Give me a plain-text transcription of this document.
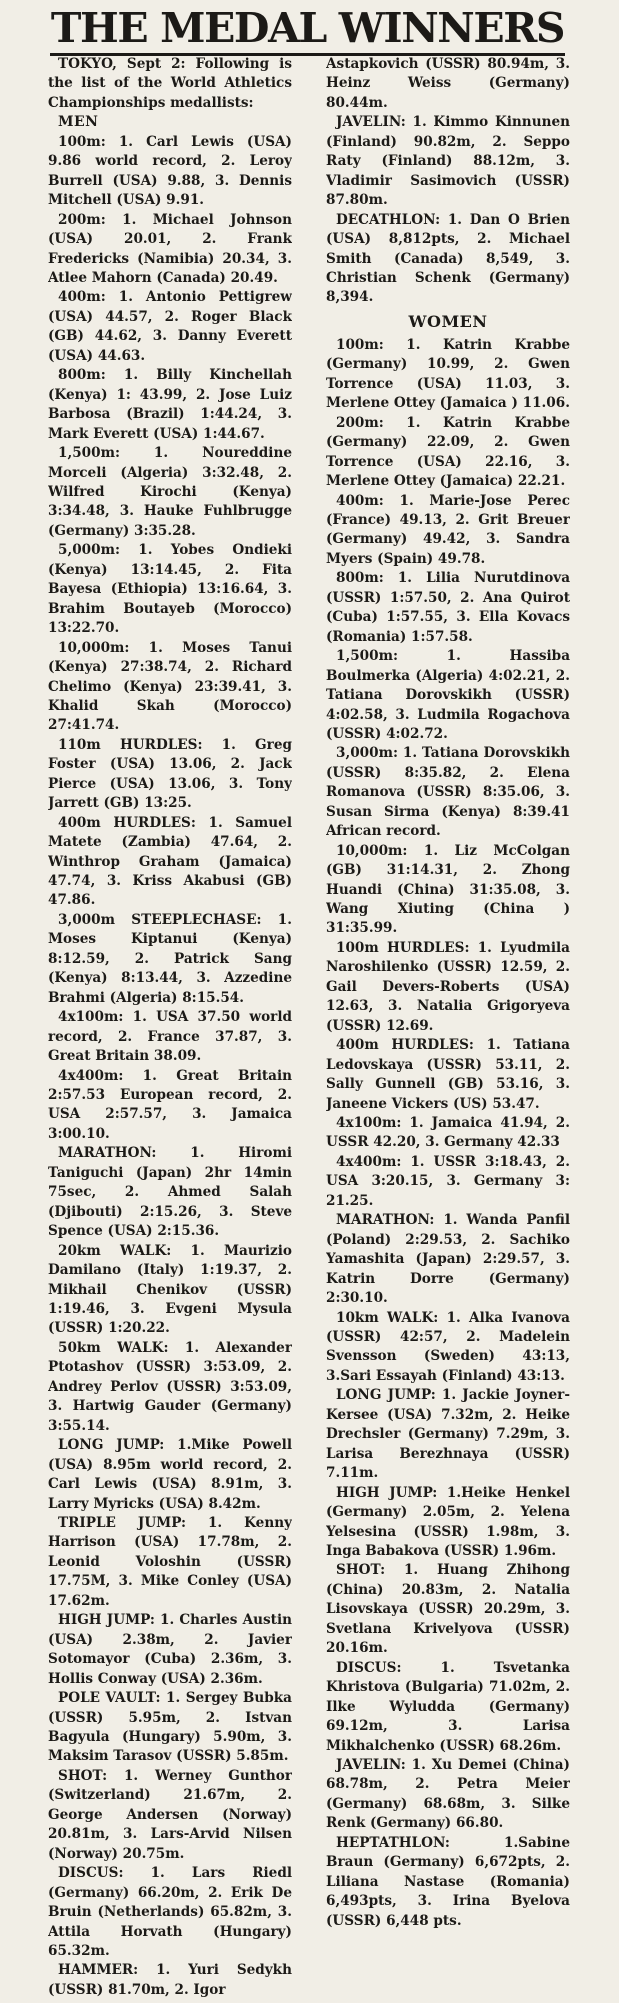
THE MEDAL WINNERS

TOKYO, Sept 2: Following is the list of the World Athletics Championships medallists:

MEN

100m: 1. Carl Lewis (USA) 9.86 world record, 2. Leroy Burrell (USA) 9.88, 3. Dennis Mitchell (USA) 9.91.

200m: 1. Michael Johnson (USA) 20.01, 2. Frank Fredericks (Namibia) 20.34, 3. Atlee Mahorn (Canada) 20.49.

400m: 1. Antonio Pettigrew (USA) 44.57, 2. Roger Black (GB) 44.62, 3. Danny Everett (USA) 44.63.

800m: 1. Billy Kinchellah (Kenya) 1: 43.99, 2. Jose Luiz Barbosa (Brazil) 1:44.24, 3. Mark Everett (USA) 1:44.67.

1,500m: 1. Noureddine Morceli (Algeria) 3:32.48, 2. Wilfred Kirochi (Kenya) 3:34.48, 3. Hauke Fuhlbrugge (Germany) 3:35.28.

5,000m: 1. Yobes Ondieki (Kenya) 13:14.45, 2. Fita Bayesa (Ethiopia) 13:16.64, 3. Brahim Boutayeb (Morocco) 13:22.70.

10,000m: 1. Moses Tanui (Kenya) 27:38.74, 2. Richard Chelimo (Kenya) 23:39.41, 3. Khalid Skah (Morocco) 27:41.74.

110m HURDLES: 1. Greg Foster (USA) 13.06, 2. Jack Pierce (USA) 13.06, 3. Tony Jarrett (GB) 13:25.

400m HURDLES: 1. Samuel Matete (Zambia) 47.64, 2. Winthrop Graham (Jamaica) 47.74, 3. Kriss Akabusi (GB) 47.86.

3,000m STEEPLECHASE: 1. Moses Kiptanui (Kenya) 8:12.59, 2. Patrick Sang (Kenya) 8:13.44, 3. Azzedine Brahmi (Algeria) 8:15.54.

4x100m: 1. USA 37.50 world record, 2. France 37.87, 3. Great Britain 38.09.

4x400m: 1. Great Britain 2:57.53 European record, 2. USA 2:57.57, 3. Jamaica 3:00.10.

MARATHON: 1. Hiromi Taniguchi (Japan) 2hr 14min 75sec, 2. Ahmed Salah (Djibouti) 2:15.26, 3. Steve Spence (USA) 2:15.36.

20km WALK: 1. Maurizio Damilano (Italy) 1:19.37, 2. Mikhail Chenikov (USSR) 1:19.46, 3. Evgeni Mysula (USSR) 1:20.22.

50km WALK: 1. Alexander Ptotashov (USSR) 3:53.09, 2. Andrey Perlov (USSR) 3:53.09, 3. Hartwig Gauder (Germany) 3:55.14.

LONG JUMP: 1.Mike Powell (USA) 8.95m world record, 2. Carl Lewis (USA) 8.91m, 3. Larry Myricks (USA) 8.42m.

TRIPLE JUMP: 1. Kenny Harrison (USA) 17.78m, 2. Leonid Voloshin (USSR) 17.75M, 3. Mike Conley (USA) 17.62m.

HIGH JUMP: 1. Charles Austin (USA) 2.38m, 2. Javier Sotomayor (Cuba) 2.36m, 3. Hollis Conway (USA) 2.36m.

POLE VAULT: 1. Sergey Bubka (USSR) 5.95m, 2. Istvan Bagyula (Hungary) 5.90m, 3. Maksim Tarasov (USSR) 5.85m.

SHOT: 1. Werney Gunthor (Switzerland) 21.67m, 2. George Andersen (Norway) 20.81m, 3. Lars-Arvid Nilsen (Norway) 20.75m.

DISCUS: 1. Lars Riedl (Germany) 66.20m, 2. Erik De Bruin (Netherlands) 65.82m, 3. Attila Horvath (Hungary) 65.32m.

HAMMER: 1. Yuri Sedykh (USSR) 81.70m, 2. Igor

Astapkovich (USSR) 80.94m, 3. Heinz Weiss (Germany) 80.44m.

JAVELIN: 1. Kimmo Kinnunen (Finland) 90.82m, 2. Seppo Raty (Finland) 88.12m, 3. Vladimir Sasimovich (USSR) 87.80m.

DECATHLON: 1. Dan O Brien (USA) 8,812pts, 2. Michael Smith (Canada) 8,549, 3. Christian Schenk (Germany) 8,394.

WOMEN

100m: 1. Katrin Krabbe (Germany) 10.99, 2. Gwen Torrence (USA) 11.03, 3. Merlene Ottey (Jamaica ) 11.06.

200m: 1. Katrin Krabbe (Germany) 22.09, 2. Gwen Torrence (USA) 22.16, 3. Merlene Ottey (Jamaica) 22.21.

400m: 1. Marie-Jose Perec (France) 49.13, 2. Grit Breuer (Germany) 49.42, 3. Sandra Myers (Spain) 49.78.

800m: 1. Lilia Nurutdinova (USSR) 1:57.50, 2. Ana Quirot (Cuba) 1:57.55, 3. Ella Kovacs (Romania) 1:57.58.

1,500m: 1. Hassiba Boulmerka (Algeria) 4:02.21, 2. Tatiana Dorovskikh (USSR) 4:02.58, 3. Ludmila Rogachova (USSR) 4:02.72.

3,000m: 1. Tatiana Dorovskikh (USSR) 8:35.82, 2. Elena Romanova (USSR) 8:35.06, 3. Susan Sirma (Kenya) 8:39.41 African record.

10,000m: 1. Liz McColgan (GB) 31:14.31, 2. Zhong Huandi (China) 31:35.08, 3. Wang Xiuting (China ) 31:35.99.

100m HURDLES: 1. Lyudmila Naroshilenko (USSR) 12.59, 2. Gail Devers-Roberts (USA) 12.63, 3. Natalia Grigoryeva (USSR) 12.69.

400m HURDLES: 1. Tatiana Ledovskaya (USSR) 53.11, 2. Sally Gunnell (GB) 53.16, 3. Janeene Vickers (US) 53.47.

4x100m: 1. Jamaica 41.94, 2. USSR 42.20, 3. Germany 42.33

4x400m: 1. USSR 3:18.43, 2. USA 3:20.15, 3. Germany 3: 21.25.

MARATHON: 1. Wanda Panfil (Poland) 2:29.53, 2. Sachiko Yamashita (Japan) 2:29.57, 3. Katrin Dorre (Germany) 2:30.10.

10km WALK: 1. Alka Ivanova (USSR) 42:57, 2. Madelein Svensson (Sweden) 43:13, 3.Sari Essayah (Finland) 43:13.

LONG JUMP: 1. Jackie Joyner-Kersee (USA) 7.32m, 2. Heike Drechsler (Germany) 7.29m, 3. Larisa Berezhnaya (USSR) 7.11m.

HIGH JUMP: 1.Heike Henkel (Germany) 2.05m, 2. Yelena Yelsesina (USSR) 1.98m, 3. Inga Babakova (USSR) 1.96m.

SHOT: 1. Huang Zhihong (China) 20.83m, 2. Natalia Lisovskaya (USSR) 20.29m, 3. Svetlana Krivelyova (USSR) 20.16m.

DISCUS: 1. Tsvetanka Khristova (Bulgaria) 71.02m, 2. Ilke Wyludda (Germany) 69.12m, 3. Larisa Mikhalchenko (USSR) 68.26m.

JAVELIN: 1. Xu Demei (China) 68.78m, 2. Petra Meier (Germany) 68.68m, 3. Silke Renk (Germany) 66.80.

HEPTATHLON: 1.Sabine Braun (Germany) 6,672pts, 2. Liliana Nastase (Romania) 6,493pts, 3. Irina Byelova (USSR) 6,448 pts.
